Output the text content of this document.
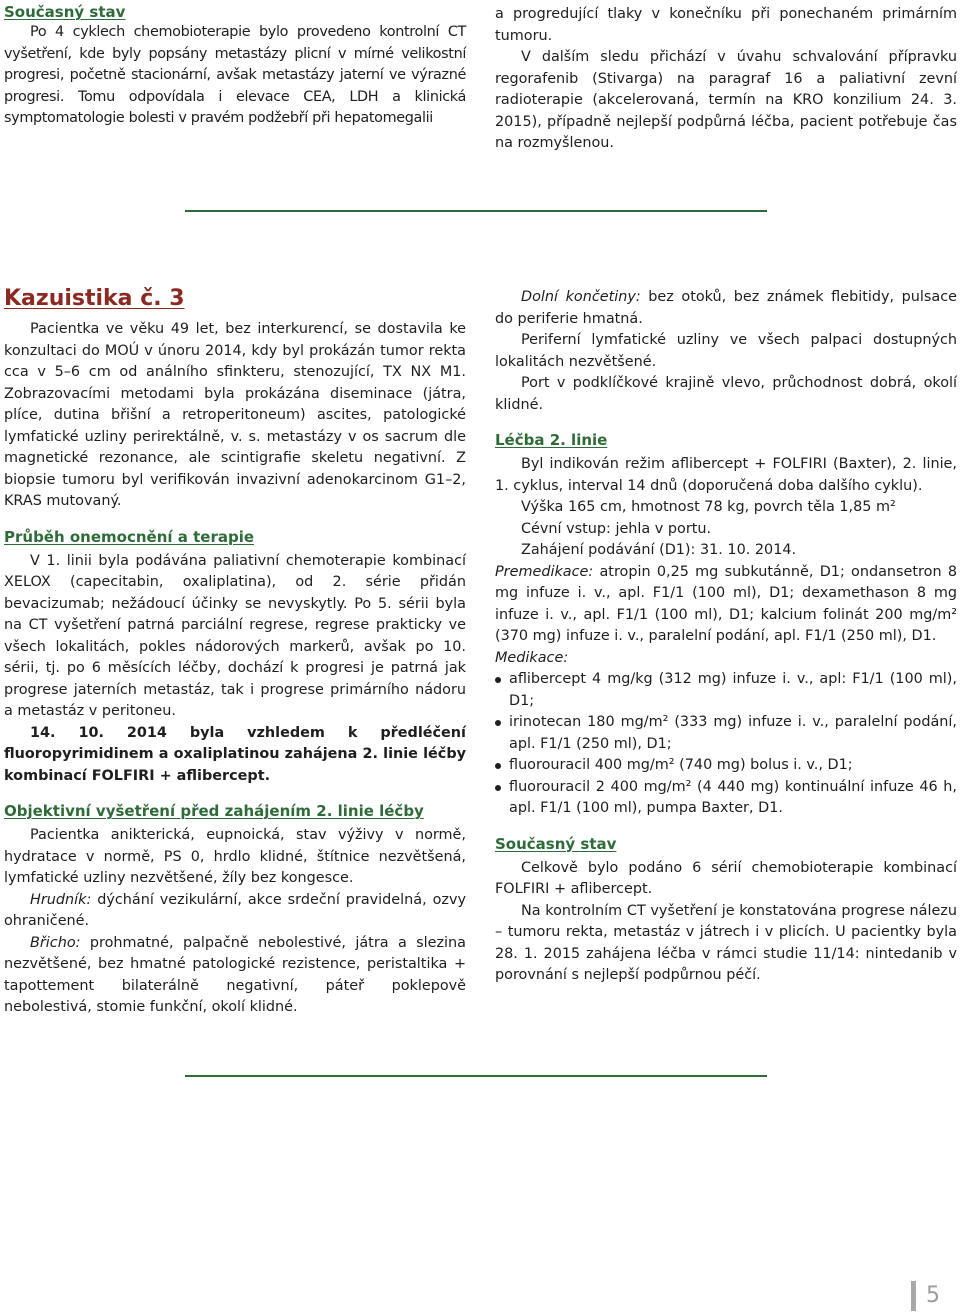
Současný stav

Po 4 cyklech chemobioterapie bylo provedeno kontrolní CT vyšetření, kde byly popsány metastázy plicní v mírné velikostní progresi, početně stacionární, avšak metastázy jaterní ve výrazné progresi. Tomu odpovídala i elevace CEA, LDH a klinická symptomatologie bolesti v pravém podžebří při hepatomegalii

a progredující tlaky v konečníku při ponechaném primárním tumoru.

V dalším sledu přichází v úvahu schvalování přípravku regorafenib (Stivarga) na paragraf 16 a paliativní zevní radioterapie (akcelerovaná, termín na KRO konzilium 24. 3. 2015), případně nejlepší podpůrná léčba, pacient potřebuje čas na rozmyšlenou.

Kazuistika č. 3

Pacientka ve věku 49 let, bez interkurencí, se dostavila ke konzultaci do MOÚ v únoru 2014, kdy byl prokázán tumor rekta cca v 5–6 cm od análního sfinkteru, stenozující, TX NX M1. Zobrazovacími metodami byla prokázána diseminace (játra, plíce, dutina břišní a retroperitoneum) ascites, patologické lymfatické uzliny perirektálně, v. s. metastázy v os sacrum dle magnetické rezonance, ale scintigrafie skeletu negativní. Z biopsie tumoru byl verifikován invazivní adenokarcinom G1–2, KRAS mutovaný.

Průběh onemocnění a terapie

V 1. linii byla podávána paliativní chemoterapie kombinací XELOX (capecitabin, oxaliplatina), od 2. série přidán bevacizumab; nežádoucí účinky se nevyskytly. Po 5. sérii byla na CT vyšetření patrná parciální regrese, regrese prakticky ve všech lokalitách, pokles nádorových markerů, avšak po 10. sérii, tj. po 6 měsících léčby, dochází k progresi je patrná jak progrese jaterních metastáz, tak i progrese primárního nádoru a metastáz v peritoneu.

14. 10. 2014 byla vzhledem k předléčení fluoropyrimidinem a oxaliplatinou zahájena 2. linie léčby kombinací FOLFIRI + aflibercept.

Objektivní vyšetření před zahájením 2. linie léčby

Pacientka anikterická, eupnoická, stav výživy v normě, hydratace v normě, PS 0, hrdlo klidné, štítnice nezvětšená, lymfatické uzliny nezvětšené, žíly bez kongesce.

Hrudník: dýchání vezikulární, akce srdeční pravidelná, ozvy ohraničené.

Břicho: prohmatné, palpačně nebolestivé, játra a slezina nezvětšené, bez hmatné patologické rezistence, peristaltika + tapottement bilaterálně negativní, páteř poklepově nebolestivá, stomie funkční, okolí klidné.

Dolní končetiny: bez otoků, bez známek flebitidy, pulsace do periferie hmatná.

Periferní lymfatické uzliny ve všech palpaci dostupných lokalitách nezvětšené.

Port v podklíčkové krajině vlevo, průchodnost dobrá, okolí klidné.

Léčba 2. linie

Byl indikován režim aflibercept + FOLFIRI (Baxter), 2. linie, 1. cyklus, interval 14 dnů (doporučená doba dalšího cyklu).

Výška 165 cm, hmotnost 78 kg, povrch těla 1,85 m²

Cévní vstup: jehla v portu.

Zahájení podávání (D1): 31. 10. 2014.

Premedikace: atropin 0,25 mg subkutánně, D1; ondansetron 8 mg infuze i. v., apl. F1/1 (100 ml), D1; dexamethason 8 mg infuze i. v., apl. F1/1 (100 ml), D1; kalcium folinát 200 mg/m² (370 mg) infuze i. v., paralelní podání, apl. F1/1 (250 ml), D1.

Medikace:

aflibercept 4 mg/kg (312 mg) infuze i. v., apl: F1/1 (100 ml), D1;
irinotecan 180 mg/m² (333 mg) infuze i. v., paralelní podání, apl. F1/1 (250 ml), D1;
fluorouracil 400 mg/m² (740 mg) bolus i. v., D1;
fluorouracil 2 400 mg/m² (4 440 mg) kontinuální infuze 46 h, apl. F1/1 (100 ml), pumpa Baxter, D1.
Současný stav

Celkově bylo podáno 6 sérií chemobioterapie kombinací FOLFIRI + aflibercept.

Na kontrolním CT vyšetření je konstatována progrese nálezu – tumoru rekta, metastáz v játrech i v plicích. U pacientky byla 28. 1. 2015 zahájena léčba v rámci studie 11/14: nintedanib v porovnání s nejlepší podpůrnou péčí.

5
